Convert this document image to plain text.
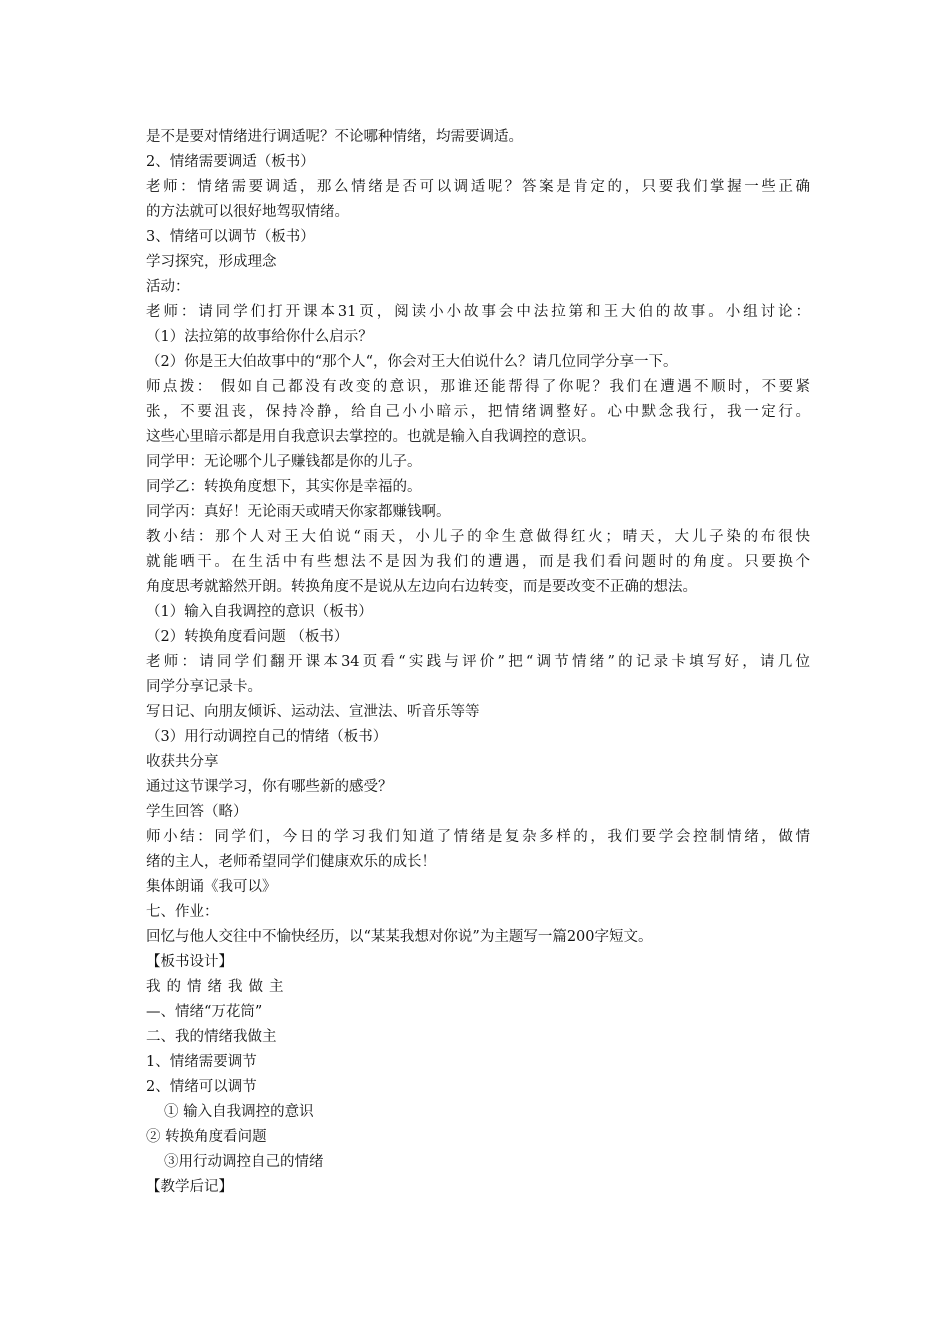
是不是要对情绪进行调适呢？不论哪种情绪，均需要调适。
2、情绪需要调适（板书）
老师：情绪需要调适，那么情绪是否可以调适呢？答案是肯定的，只要我们掌握一些正确
的方法就可以很好地驾驭情绪。
3、情绪可以调节（板书）
学习探究，形成理念
活动：
老师：请同学们打开课本31页，阅读小小故事会中法拉第和王大伯的故事。小组讨论：
（1）法拉第的故事给你什么启示？
（2）你是王大伯故事中的“那个人“，你会对王大伯说什么？请几位同学分享一下。
师点拨： 假如自己都没有改变的意识，那谁还能帮得了你呢？我们在遭遇不顺时，不要紧
张，不要沮丧，保持冷静，给自己小小暗示，把情绪调整好。心中默念我行，我一定行。
这些心里暗示都是用自我意识去掌控的。也就是输入自我调控的意识。
同学甲：无论哪个儿子赚钱都是你的儿子。
同学乙：转换角度想下，其实你是幸福的。
同学丙：真好！无论雨天或晴天你家都赚钱啊。
教小结：那个人对王大伯说“雨天，小儿子的伞生意做得红火；晴天，大儿子染的布很快
就能晒干。在生活中有些想法不是因为我们的遭遇，而是我们看问题时的角度。只要换个
角度思考就豁然开朗。转换角度不是说从左边向右边转变，而是要改变不正确的想法。
（1）输入自我调控的意识（板书）
（2）转换角度看问题 （板书）
老师：请同学们翻开课本34页看“实践与评价”把“调节情绪”的记录卡填写好，请几位
同学分享记录卡。
写日记、向朋友倾诉、运动法、宣泄法、听音乐等等
（3）用行动调控自己的情绪（板书）
收获共分享
通过这节课学习，你有哪些新的感受？
学生回答（略）
师小结：同学们，今日的学习我们知道了情绪是复杂多样的，我们要学会控制情绪，做情
绪的主人，老师希望同学们健康欢乐的成长！
集体朗诵《我可以》
七、作业：
回忆与他人交往中不愉快经历，以“某某我想对你说”为主题写一篇200字短文。
【板书设计】
我的情绪我做主
—、情绪“万花筒”
二、我的情绪我做主
1、情绪需要调节
2、情绪可以调节
① 输入自我调控的意识
② 转换角度看问题
③用行动调控自己的情绪
【教学后记】
